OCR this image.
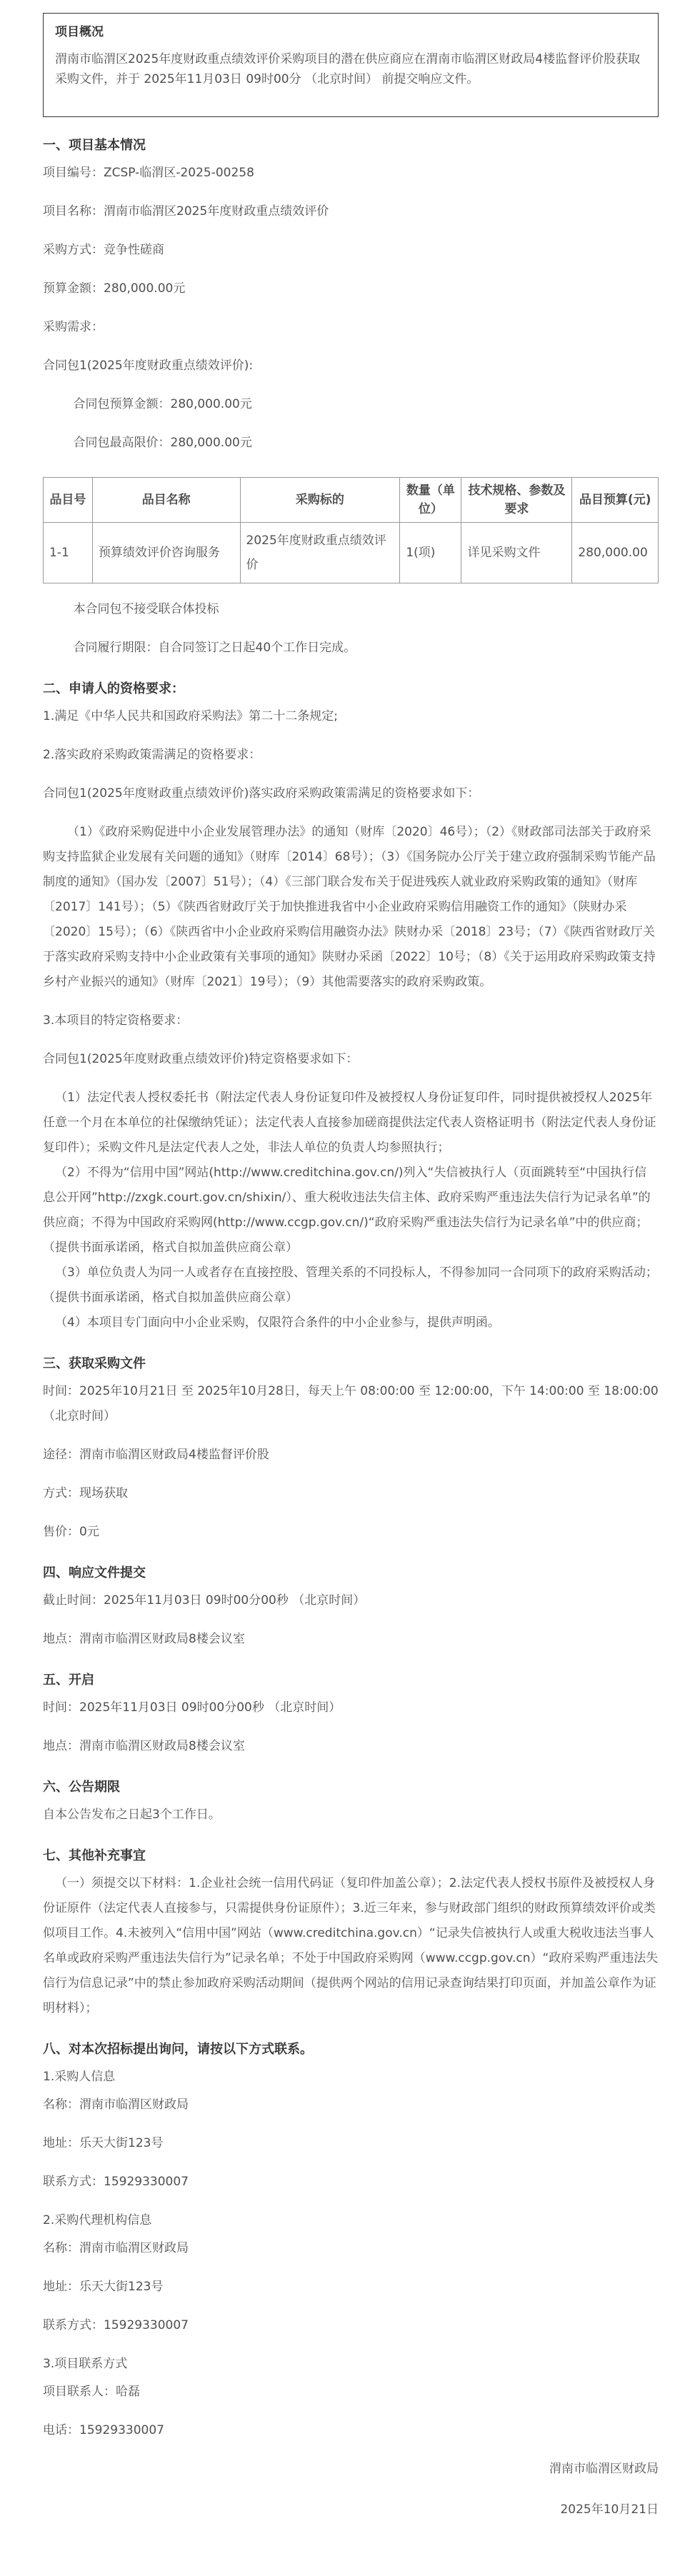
项目概况

渭南市临渭区2025年度财政重点绩效评价采购项目的潜在供应商应在渭南市临渭区财政局4楼监督评价股获取采购文件，并于 2025年11月03日 09时00分 （北京时间） 前提交响应文件。

一、项目基本情况

项目编号：ZCSP-临渭区-2025-00258

项目名称：渭南市临渭区2025年度财政重点绩效评价

采购方式：竞争性磋商

预算金额：280,000.00元

采购需求：

合同包1(2025年度财政重点绩效评价):

合同包预算金额：280,000.00元

合同包最高限价：280,000.00元

品目号	品目名称	采购标的	数量（单位）	技术规格、参数及要求	品目预算(元)
1-1	预算绩效评价咨询服务	2025年度财政重点绩效评价	1(项)	详见采购文件	280,000.00

本合同包不接受联合体投标

合同履行期限：自合同签订之日起40个工作日完成。

二、申请人的资格要求：

1.满足《中华人民共和国政府采购法》第二十二条规定;

2.落实政府采购政策需满足的资格要求：

合同包1(2025年度财政重点绩效评价)落实政府采购政策需满足的资格要求如下：

（1）《政府采购促进中小企业发展管理办法》的通知（财库〔2020〕46号）；（2）《财政部司法部关于政府采购支持监狱企业发展有关问题的通知》（财库〔2014〕68号）；（3）《国务院办公厅关于建立政府强制采购节能产品制度的通知》（国办发〔2007〕51号）；（4）《三部门联合发布关于促进残疾人就业政府采购政策的通知》（财库〔2017〕141号）；（5）《陕西省财政厅关于加快推进我省中小企业政府采购信用融资工作的通知》（陕财办采〔2020〕15号）；（6）《陕西省中小企业政府采购信用融资办法》陕财办采〔2018〕23号；（7）《陕西省财政厅关于落实政府采购支持中小企业政策有关事项的通知》陕财办采函〔2022〕10号；（8）《关于运用政府采购政策支持乡村产业振兴的通知》（财库〔2021〕19号）；（9）其他需要落实的政府采购政策。

3.本项目的特定资格要求：

合同包1(2025年度财政重点绩效评价)特定资格要求如下：

（1）法定代表人授权委托书（附法定代表人身份证复印件及被授权人身份证复印件，同时提供被授权人2025年任意一个月在本单位的社保缴纳凭证）；法定代表人直接参加磋商提供法定代表人资格证明书（附法定代表人身份证复印件）；采购文件凡是法定代表人之处，非法人单位的负责人均参照执行；

（2）不得为“信用中国”网站(http://www.creditchina.gov.cn/)列入“失信被执行人（页面跳转至“中国执行信息公开网”http://zxgk.court.gov.cn/shixin/）、重大税收违法失信主体、政府采购严重违法失信行为记录名单”的供应商；不得为中国政府采购网(http://www.ccgp.gov.cn/)“政府采购严重违法失信行为记录名单”中的供应商；（提供书面承诺函，格式自拟加盖供应商公章）

（3）单位负责人为同一人或者存在直接控股、管理关系的不同投标人，不得参加同一合同项下的政府采购活动；（提供书面承诺函，格式自拟加盖供应商公章）

（4）本项目专门面向中小企业采购，仅限符合条件的中小企业参与，提供声明函。

三、获取采购文件

时间：2025年10月21日 至 2025年10月28日，每天上午 08:00:00 至 12:00:00，下午 14:00:00 至 18:00:00 （北京时间）

途径：渭南市临渭区财政局4楼监督评价股

方式：现场获取

售价：0元

四、响应文件提交

截止时间：2025年11月03日 09时00分00秒 （北京时间）

地点：渭南市临渭区财政局8楼会议室

五、开启

时间：2025年11月03日 09时00分00秒 （北京时间）

地点：渭南市临渭区财政局8楼会议室

六、公告期限

自本公告发布之日起3个工作日。

七、其他补充事宜

（一）须提交以下材料：1.企业社会统一信用代码证（复印件加盖公章）；2.法定代表人授权书原件及被授权人身份证原件（法定代表人直接参与，只需提供身份证原件）；3.近三年来，参与财政部门组织的财政预算绩效评价或类似项目工作。4.未被列入“信用中国”网站（www.creditchina.gov.cn）“记录失信被执行人或重大税收违法当事人名单或政府采购严重违法失信行为”记录名单；不处于中国政府采购网（www.ccgp.gov.cn）“政府采购严重违法失信行为信息记录”中的禁止参加政府采购活动期间（提供两个网站的信用记录查询结果打印页面，并加盖公章作为证明材料）；

八、对本次招标提出询问，请按以下方式联系。

1.采购人信息

名称：渭南市临渭区财政局

地址：乐天大街123号

联系方式：15929330007

2.采购代理机构信息

名称：渭南市临渭区财政局

地址：乐天大街123号

联系方式：15929330007

3.项目联系方式

项目联系人：哈磊

电话：15929330007

渭南市临渭区财政局

2025年10月21日
